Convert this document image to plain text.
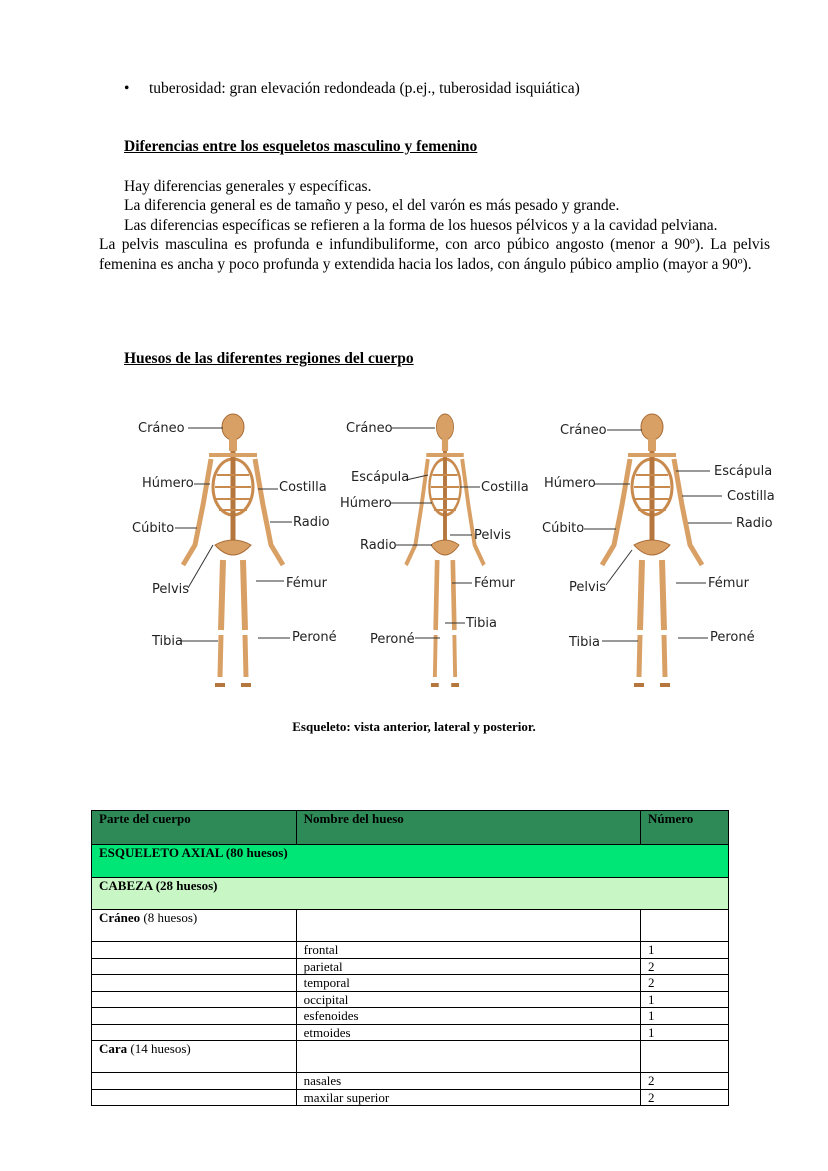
• tuberosidad: gran elevación redondeada (p.ej., tuberosidad isquiática)
Diferencias entre los esqueletos masculino y femenino
Hay diferencias generales y específicas.
La diferencia general es de tamaño y peso, el del varón es más pesado y grande.
Las diferencias específicas se refieren a la forma de los huesos pélvicos y a la cavidad pelviana.
La pelvis masculina es profunda e infundibuliforme, con arco púbico angosto (menor a 90º). La pelvis femenina es ancha y poco profunda y extendida hacia los lados, con ángulo púbico amplio (mayor a 90º).
Huesos de las diferentes regiones del cuerpo
Cráneo
Húmero	Costilla
Cúbito	Radio
Pelvis	Fémur
Tibia	Peroné
Cráneo
Escápula
Costilla
Húmero
Pelvis
Radio
Fémur
Tibia
Peroné
Cráneo
Escápula
Húmero
Costilla
Cúbito	Radio
Pelvis	Fémur
Tibia	Peroné
Esqueleto: vista anterior, lateral y posterior.
Parte del cuerpo	Nombre del hueso	Número
ESQUELETO AXIAL (80 huesos)		
CABEZA (28 huesos)		
Cráneo (8 huesos)		
	frontal	1
	parietal	2
	temporal	2
	occipital	1
	esfenoides	1
	etmoides	1
Cara (14 huesos)		
	nasales	2
	maxilar superior	2
